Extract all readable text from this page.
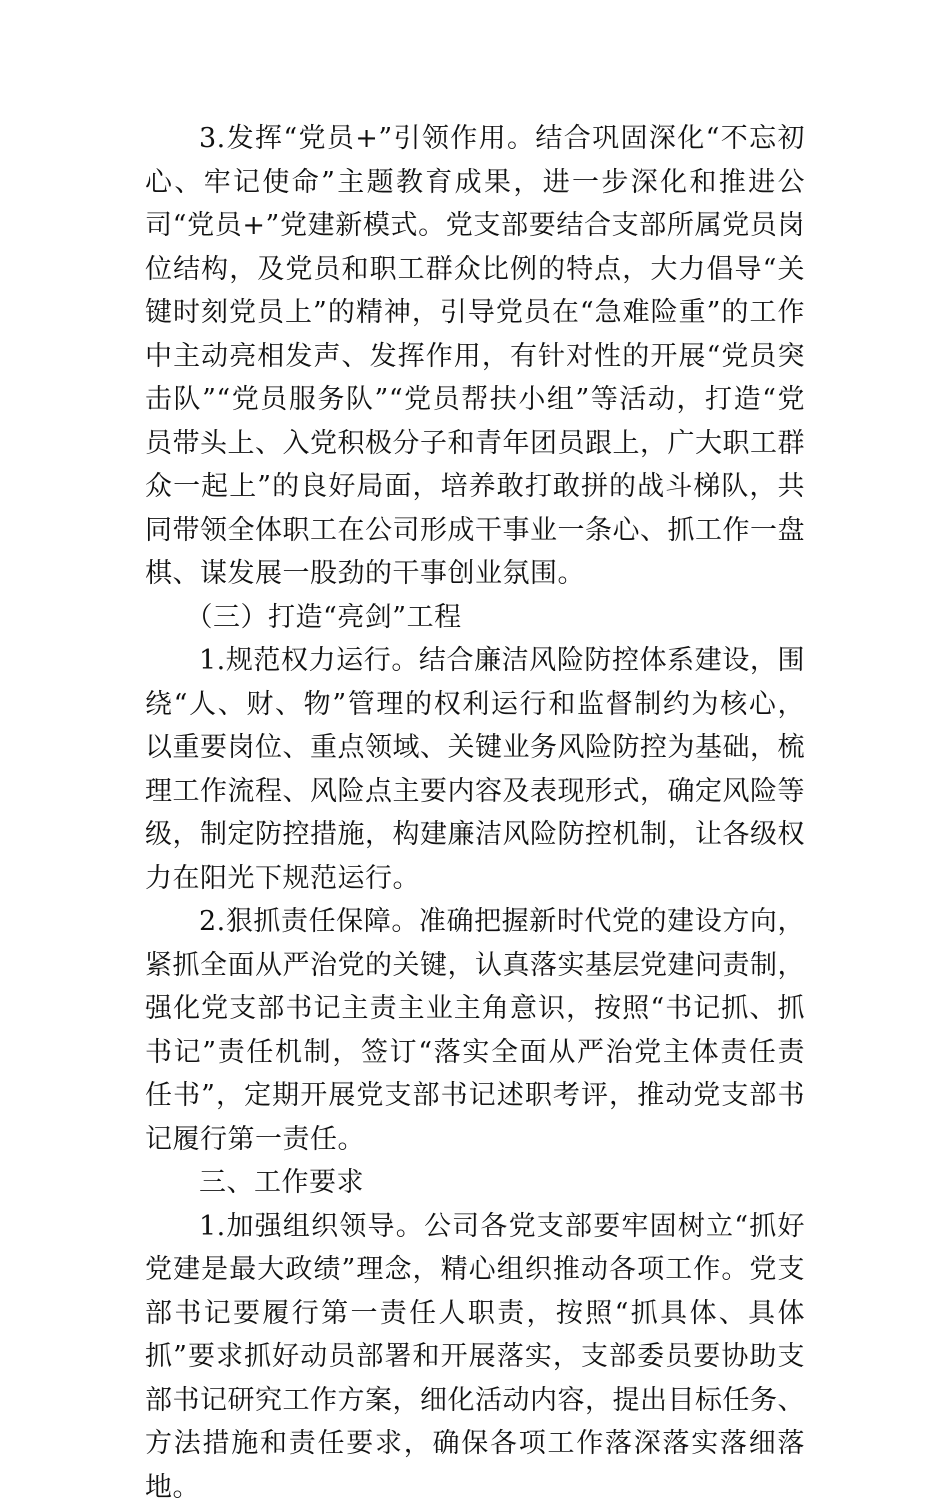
3.发挥“党员+”引领作用。结合巩固深化“不忘初心、牢记使命”主题教育成果，进一步深化和推进公司“党员+”党建新模式。党支部要结合支部所属党员岗位结构，及党员和职工群众比例的特点，大力倡导“关键时刻党员上”的精神，引导党员在“急难险重”的工作中主动亮相发声、发挥作用，有针对性的开展“党员突击队”“党员服务队”“党员帮扶小组”等活动，打造“党员带头上、入党积极分子和青年团员跟上，广大职工群众一起上”的良好局面，培养敢打敢拼的战斗梯队，共同带领全体职工在公司形成干事业一条心、抓工作一盘棋、谋发展一股劲的干事创业氛围。

（三）打造“亮剑”工程

1.规范权力运行。结合廉洁风险防控体系建设，围绕“人、财、物”管理的权利运行和监督制约为核心，以重要岗位、重点领域、关键业务风险防控为基础，梳理工作流程、风险点主要内容及表现形式，确定风险等级，制定防控措施，构建廉洁风险防控机制，让各级权力在阳光下规范运行。

2.狠抓责任保障。准确把握新时代党的建设方向，紧抓全面从严治党的关键，认真落实基层党建问责制，强化党支部书记主责主业主角意识，按照“书记抓、抓书记”责任机制，签订“落实全面从严治党主体责任责任书”，定期开展党支部书记述职考评，推动党支部书记履行第一责任。

三、工作要求

1.加强组织领导。公司各党支部要牢固树立“抓好党建是最大政绩”理念，精心组织推动各项工作。党支部书记要履行第一责任人职责，按照“抓具体、具体抓”要求抓好动员部署和开展落实，支部委员要协助支部书记研究工作方案，细化活动内容，提出目标任务、方法措施和责任要求，确保各项工作落深落实落细落地。
